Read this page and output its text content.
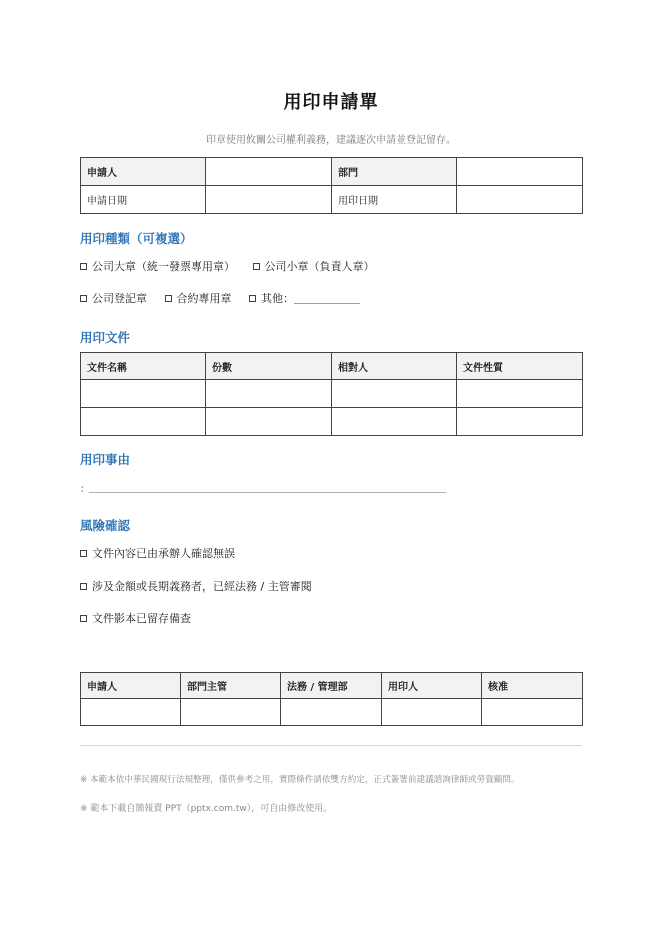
用印申請單
印章使用攸關公司權利義務，建議逐次申請並登記留存。
申請人		部門	
申請日期		用印日期	
用印種類（可複選）
公司大章（統一發票專用章）	公司小章（負責人章）
公司登記章	合約專用章	其他：＿＿＿＿＿＿
用印文件
文件名稱	份數	相對人	文件性質

用印事由
：＿＿＿＿＿＿＿＿＿＿＿＿＿＿＿＿＿＿＿＿＿＿＿＿＿＿＿＿＿＿＿＿＿＿＿＿＿＿＿＿＿
風險確認
文件內容已由承辦人確認無誤
涉及金額或長期義務者，已經法務 / 主管審閱
文件影本已留存備查
申請人	部門主管	法務 / 管理部	用印人	核准

※ 本範本依中華民國現行法規整理，僅供參考之用，實際條件請依雙方約定，正式簽署前建議諮詢律師或勞資顧問。
※ 範本下載自簡報賣 PPT（pptx.com.tw），可自由修改使用。
